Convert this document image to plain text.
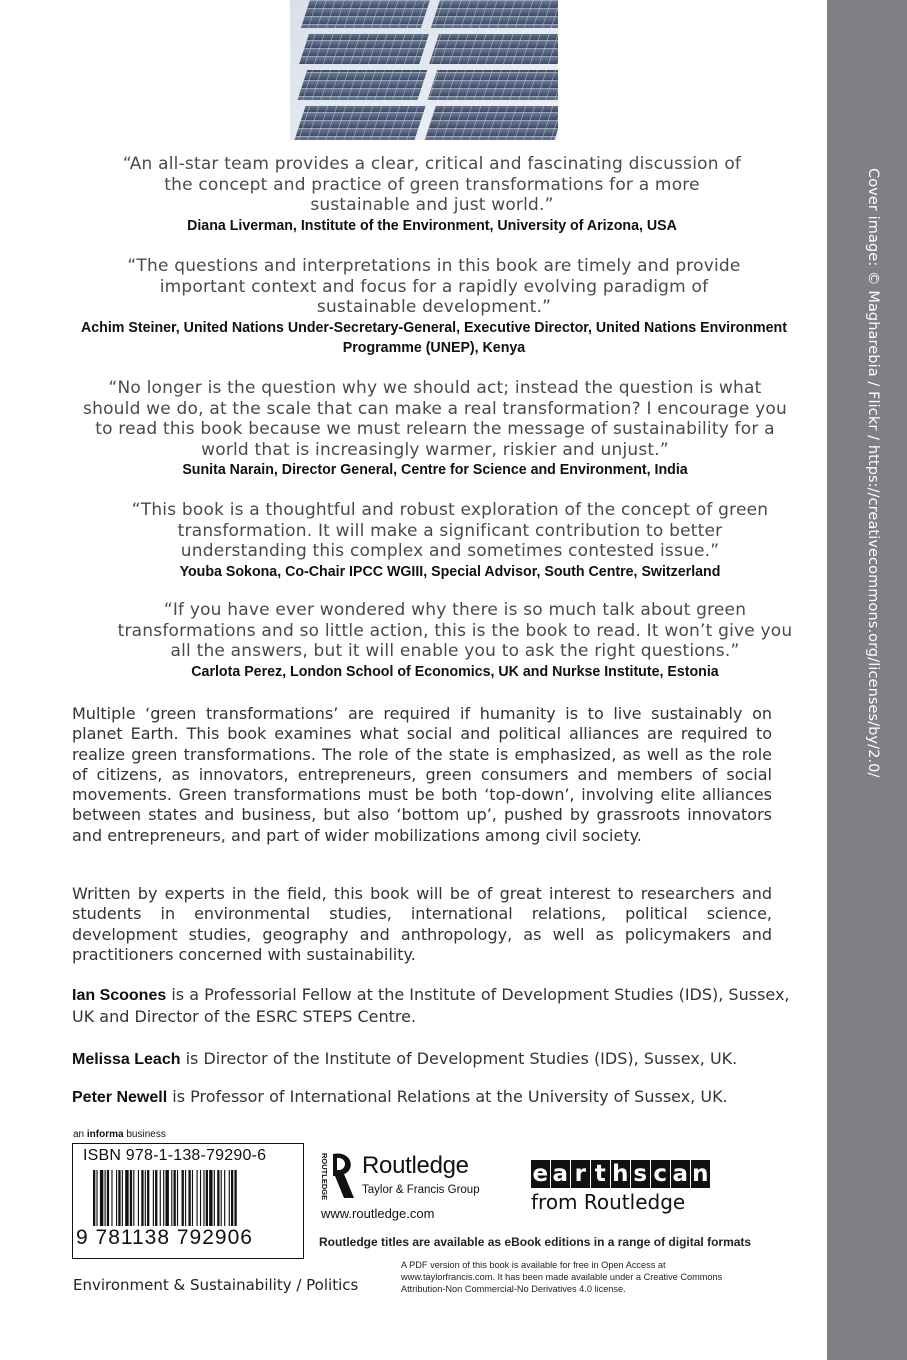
Cover image: © Magharebia / Flickr / https://creativecommons.org/licenses/by/2.0/
“An all-star team provides a clear, critical and fascinating discussion of the concept and practice of green transformations for a more sustainable and just world.”
Diana Liverman, Institute of the Environment, University of Arizona, USA
“The questions and interpretations in this book are timely and provide important context and focus for a rapidly evolving paradigm of sustainable development.”
Achim Steiner, United Nations Under-Secretary-General, Executive Director, United Nations Environment Programme (UNEP), Kenya
“No longer is the question why we should act; instead the question is what should we do, at the scale that can make a real transformation? I encourage you to read this book because we must relearn the message of sustainability for a world that is increasingly warmer, riskier and unjust.”
Sunita Narain, Director General, Centre for Science and Environment, India
“This book is a thoughtful and robust exploration of the concept of green transformation. It will make a significant contribution to better understanding this complex and sometimes contested issue.”
Youba Sokona, Co-Chair IPCC WGIII, Special Advisor, South Centre, Switzerland
“If you have ever wondered why there is so much talk about green transformations and so little action, this is the book to read. It won’t give you all the answers, but it will enable you to ask the right questions.”
Carlota Perez, London School of Economics, UK and Nurkse Institute, Estonia
Multiple ‘green transformations’ are required if humanity is to live sustainably on planet Earth. This book examines what social and political alliances are required to realize green transformations. The role of the state is emphasized, as well as the role of citizens, as innovators, entrepreneurs, green consumers and members of social movements. Green transformations must be both ‘top-down’, involving elite alliances between states and business, but also ‘bottom up’, pushed by grassroots innovators and entrepreneurs, and part of wider mobilizations among civil society.
Written by experts in the field, this book will be of great interest to researchers and students in environmental studies, international relations, political science, development studies, geography and anthropology, as well as policymakers and practitioners concerned with sustainability.
Ian Scoones is a Professorial Fellow at the Institute of Development Studies (IDS), Sussex, UK and Director of the ESRC STEPS Centre.
Melissa Leach is Director of the Institute of Development Studies (IDS), Sussex, UK.
Peter Newell is Professor of International Relations at the University of Sussex, UK.
an informa business
ISBN 978-1-138-79290-6
9 781138 792906
ROUTLEDGE Routledge
Taylor & Francis Group
www.routledge.com
e a r t h s c a n
from Routledge
Routledge titles are available as eBook editions in a range of digital formats
A PDF version of this book is available for free in Open Access at www.taylorfrancis.com. It has been made available under a Creative Commons Attribution-Non Commercial-No Derivatives 4.0 license.
Environment & Sustainability / Politics
